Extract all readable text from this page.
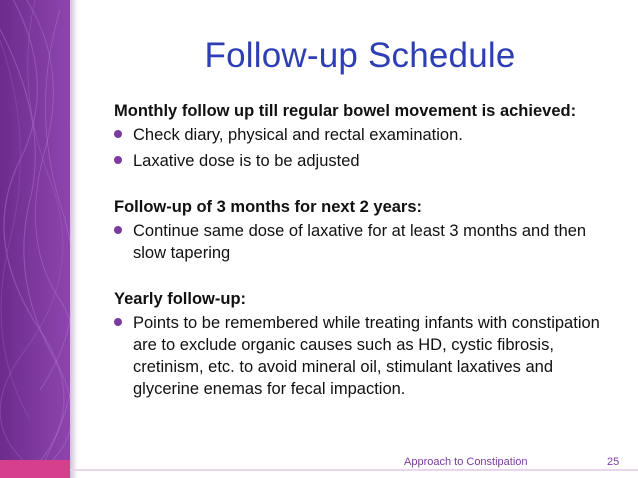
Follow-up Schedule

Monthly follow up till regular bowel movement is achieved:

Check diary, physical and rectal examination.
Laxative dose is to be adjusted

Follow-up of 3 months for next 2 years:

Continue same dose of laxative for at least 3 months and then slow tapering

Yearly follow-up:

Points to be remembered while treating infants with constipation are to exclude organic causes such as HD, cystic fibrosis, cretinism, etc. to avoid mineral oil, stimulant laxatives and glycerine enemas for fecal impaction.
Approach to Constipation	25
